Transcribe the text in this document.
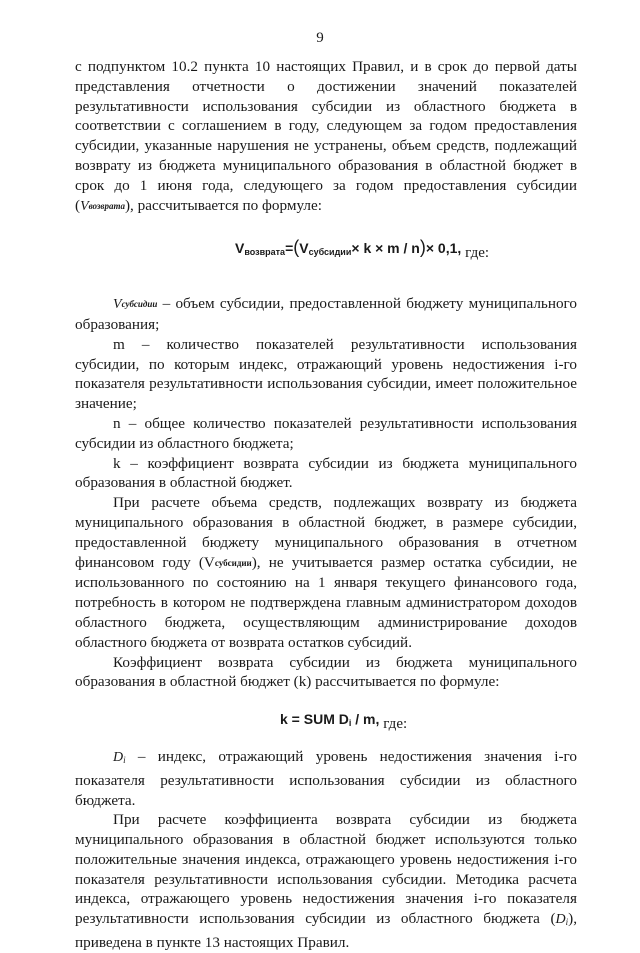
9

с подпунктом 10.2 пункта 10 настоящих Правил, и в срок до первой даты представления отчетности о достижении значений показателей результативности использования субсидии из областного бюджета в соответствии с соглашением в году, следующем за годом предоставления субсидии, указанные нарушения не устранены, объем средств, подлежащий возврату из бюджета муниципального образования в областной бюджет в срок до 1 июня года, следующего за годом предоставления субсидии (Vвозврата), рассчитывается по формуле:

$V_{возврата}=(V_{субсидии}\times k \times m / n)\times 0,1$, где:

Vсубсидии – объем субсидии, предоставленной бюджету муниципального образования;

m – количество показателей результативности использования субсидии, по которым индекс, отражающий уровень недостижения i-го показателя результативности использования субсидии, имеет положительное значение;

n – общее количество показателей результативности использования субсидии из областного бюджета;

k – коэффициент возврата субсидии из бюджета муниципального образования в областной бюджет.

При расчете объема средств, подлежащих возврату из бюджета муниципального образования в областной бюджет, в размере субсидии, предоставленной бюджету муниципального образования в отчетном финансовом году (Vсубсидии), не учитывается размер остатка субсидии, не использованного по состоянию на 1 января текущего финансового года, потребность в котором не подтверждена главным администратором доходов областного бюджета, осуществляющим администрирование доходов областного бюджета от возврата остатков субсидий.

Коэффициент возврата субсидии из бюджета муниципального образования в областной бюджет (k) рассчитывается по формуле:

k = SUM $D_i$ / m, где:

$D_i$ – индекс, отражающий уровень недостижения значения i-го показателя результативности использования субсидии из областного бюджета.

При расчете коэффициента возврата субсидии из бюджета муниципального образования в областной бюджет используются только положительные значения индекса, отражающего уровень недостижения i-го показателя результативности использования субсидии. Методика расчета индекса, отражающего уровень недостижения значения i-го показателя результативности использования субсидии из областного бюджета $(D_i)$, приведена в пункте 13 настоящих Правил.
